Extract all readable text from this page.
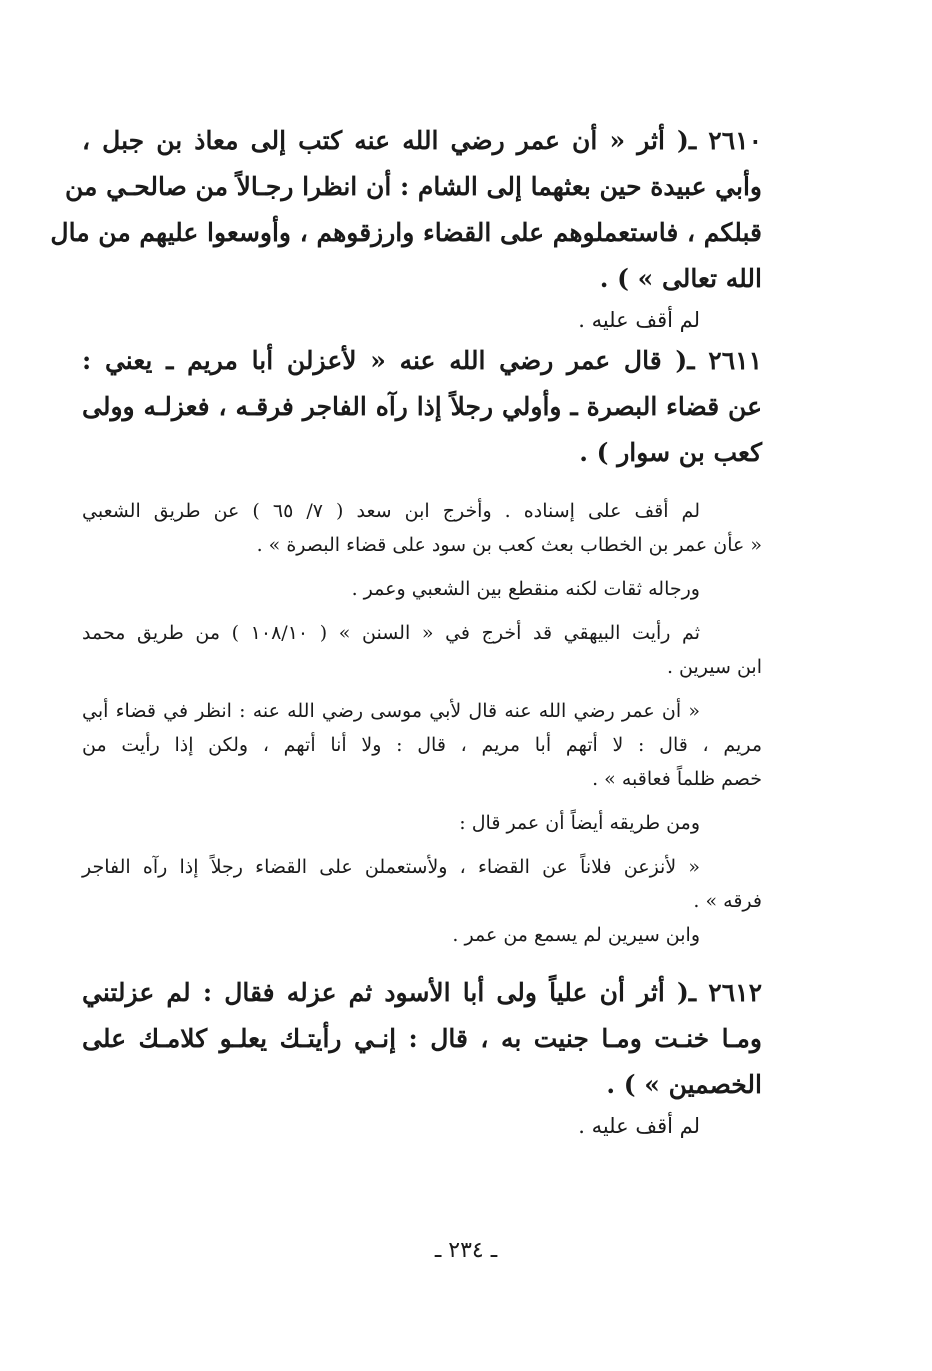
٢٦١٠ ـ( أثر « أن عمر رضي الله عنه كتب إلى معاذ بن جبل ،
وأبي عبيدة حين بعثهما إلى الشام : أن انظرا رجـالاً من صالحـي من
قبلكم ، فاستعملوهم على القضاء وارزقوهم ، وأوسعوا عليهم من مال
الله تعالى » ) .
لم أقف عليه .
٢٦١١ ـ( قال عمر رضي الله عنه « لأعزلن أبا مريم ـ يعني :
عن قضاء البصرة ـ وأولي رجلاً إذا رآه الفاجر فرقـه ، فعزلـه وولى
كعب بن سوار ) .
لم أقف على إسناده . وأخرج ابن سعد ( ٧/ ٦٥ ) عن طريق الشعبي
« عأن عمر بن الخطاب بعث كعب بن سود على قضاء البصرة » .
ورجاله ثقات لكنه منقطع بين الشعبي وعمر .
ثم رأيت البيهقي قد أخرج في « السنن » ( ١٠٨/١٠ ) من طريق محمد
ابن سيرين .
« أن عمر رضي الله عنه قال لأبي موسى رضي الله عنه : انظر في قضاء أبي
مريم ، قال : لا أتهم أبا مريم ، قال : ولا أنا أتهم ، ولكن إذا رأيت من
خصم ظلماً فعاقبه » .
ومن طريقه أيضاً أن عمر قال :
« لأنزعن فلاناً عن القضاء ، ولأستعملن على القضاء رجلاً إذا رآه الفاجر
فرقه » .
وابن سيرين لم يسمع من عمر .
٢٦١٢ ـ( أثر أن علياً ولى أبا الأسود ثم عزله فقال : لم عزلتني
ومـا خنـت ومـا جنيت به ، قال : إنـي رأيتـك يعلـو كلامـك على
الخصمين » ) .
لم أقف عليه .
ـ ٢٣٤ ـ
